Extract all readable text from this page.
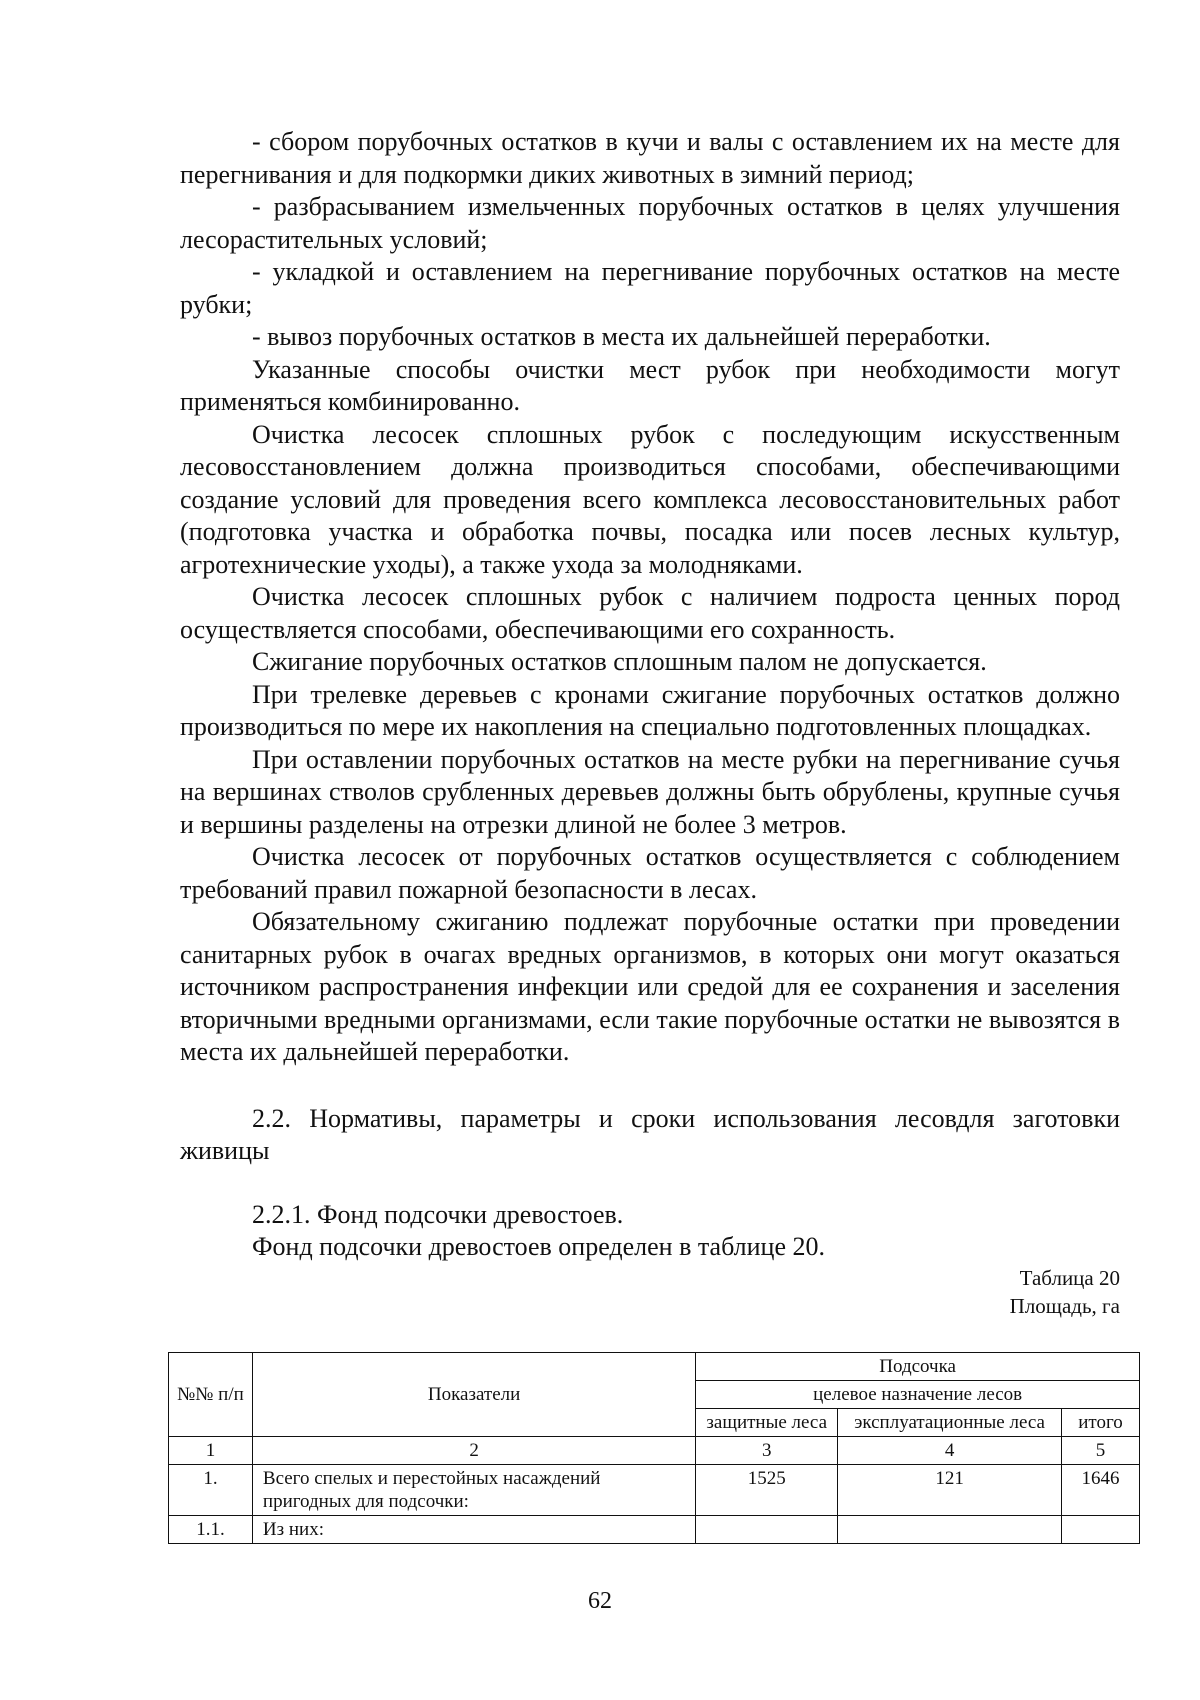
- сбором порубочных остатков в кучи и валы с оставлением их на месте для перегнивания и для подкормки диких животных в зимний период;

- разбрасыванием измельченных порубочных остатков в целях улучшения лесорастительных условий;

- укладкой и оставлением на перегнивание порубочных остатков на месте рубки;

- вывоз порубочных остатков в места их дальнейшей переработки.

Указанные способы очистки мест рубок при необходимости могут применяться комбинированно.

Очистка лесосек сплошных рубок с последующим искусственным лесовосстановлением должна производиться способами, обеспечивающими создание условий для проведения всего комплекса лесовосстановительных работ (подготовка участка и обработка почвы, посадка или посев лесных культур, агротехнические уходы), а также ухода за молодняками.

Очистка лесосек сплошных рубок с наличием подроста ценных пород осуществляется способами, обеспечивающими его сохранность.

Сжигание порубочных остатков сплошным палом не допускается.

При трелевке деревьев с кронами сжигание порубочных остатков должно производиться по мере их накопления на специально подготовленных площадках.

При оставлении порубочных остатков на месте рубки на перегнивание сучья на вершинах стволов срубленных деревьев должны быть обрублены, крупные сучья и вершины разделены на отрезки длиной не более 3 метров.

Очистка лесосек от порубочных остатков осуществляется с соблюдением требований правил пожарной безопасности в лесах.

Обязательному сжиганию подлежат порубочные остатки при проведении санитарных рубок в очагах вредных организмов, в которых они могут оказаться источником распространения инфекции или средой для ее сохранения и заселения вторичными вредными организмами, если такие порубочные остатки не вывозятся в места их дальнейшей переработки.

2.2. Нормативы, параметры и сроки использования лесовдля заготовки живицы

2.2.1. Фонд подсочки древостоев.

Фонд подсочки древостоев определен в таблице 20.

Таблица 20

Площадь, га

№№ п/п	Показатели	Подсочка		
		целевое назначение лесов		
		защитные леса	эксплуатационные леса	итого
1	2	3	4	5
1.	Всего спелых и перестойных насаждений пригодных для подсочки:	1525	121	1646
1.1.	Из них:			
62
